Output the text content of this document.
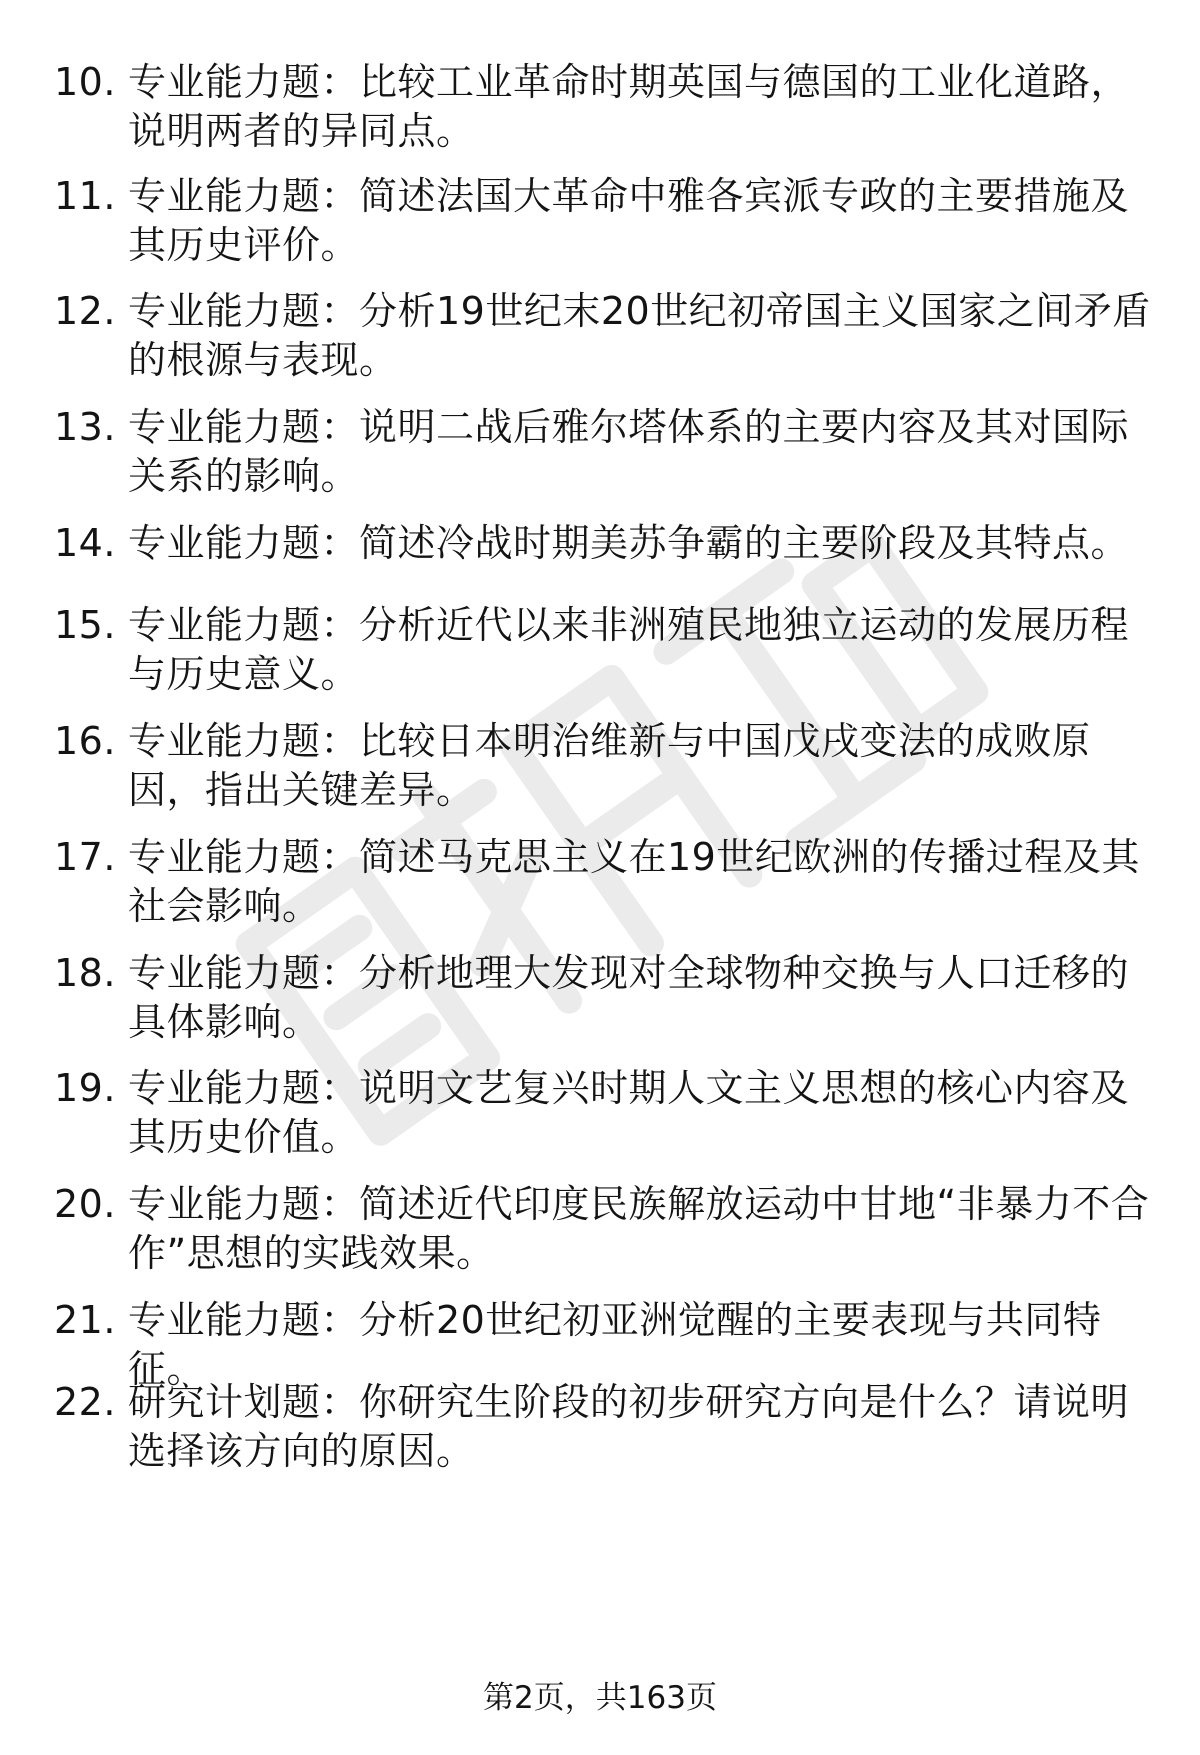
10. 专业能力题：比较工业革命时期英国与德国的工业化道路，说明两者的异同点。
11. 专业能力题：简述法国大革命中雅各宾派专政的主要措施及其历史评价。
12. 专业能力题：分析19世纪末20世纪初帝国主义国家之间矛盾的根源与表现。
13. 专业能力题：说明二战后雅尔塔体系的主要内容及其对国际关系的影响。
14. 专业能力题：简述冷战时期美苏争霸的主要阶段及其特点。
15. 专业能力题：分析近代以来非洲殖民地独立运动的发展历程与历史意义。
16. 专业能力题：比较日本明治维新与中国戊戌变法的成败原因，指出关键差异。
17. 专业能力题：简述马克思主义在19世纪欧洲的传播过程及其社会影响。
18. 专业能力题：分析地理大发现对全球物种交换与人口迁移的具体影响。
19. 专业能力题：说明文艺复兴时期人文主义思想的核心内容及其历史价值。
20. 专业能力题：简述近代印度民族解放运动中甘地“非暴力不合作”思想的实践效果。
21. 专业能力题：分析20世纪初亚洲觉醒的主要表现与共同特征。
22. 研究计划题：你研究生阶段的初步研究方向是什么？请说明选择该方向的原因。
第2页，共163页
